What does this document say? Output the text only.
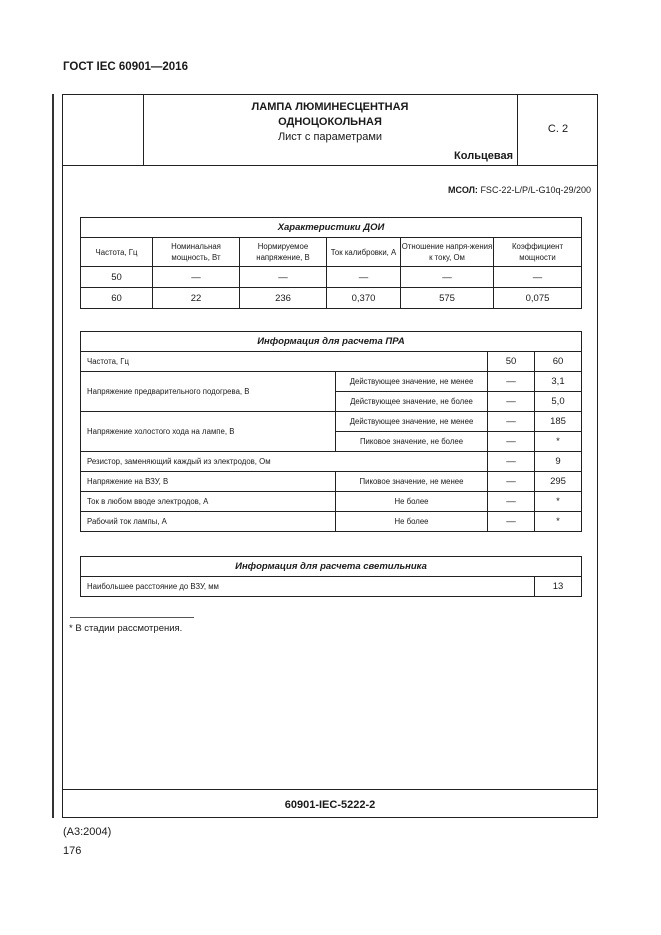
ГОСТ IEC 60901—2016
ЛАМПА ЛЮМИНЕСЦЕНТНАЯ
ОДНОЦОКОЛЬНАЯ
Лист с параметрами
Кольцевая
С. 2
МСОЛ: FSC-22-L/P/L-G10q-29/200
Характеристики ДОИ					
Частота, Гц	Номинальная мощность, Вт	Нормируемое напряжение, В	Ток калибровки, А	Отношение напря-жения к току, Ом	Коэффициент мощности
50	—	—	—	—	—
60	22	236	0,370	575	0,075
Информация для расчета ПРА			
Частота, Гц		50	60
Напряжение предварительного подогрева, В	Действующее значение, не менее	—	3,1
	Действующее значение, не более	—	5,0
Напряжение холостого хода на лампе, В	Действующее значение, не менее	—	185
	Пиковое значение, не более	—	*
Резистор, заменяющий каждый из электродов, Ом		—	9
Напряжение на ВЗУ, В	Пиковое значение, не менее	—	295
Ток в любом вводе электродов, А	Не более	—	*
Рабочий ток лампы, А	Не более	—	*
Информация для расчета светильника
Наибольшее расстояние до ВЗУ, мм	13
* В стадии рассмотрения.
60901-IEC-5222-2
(А3:2004)
176
